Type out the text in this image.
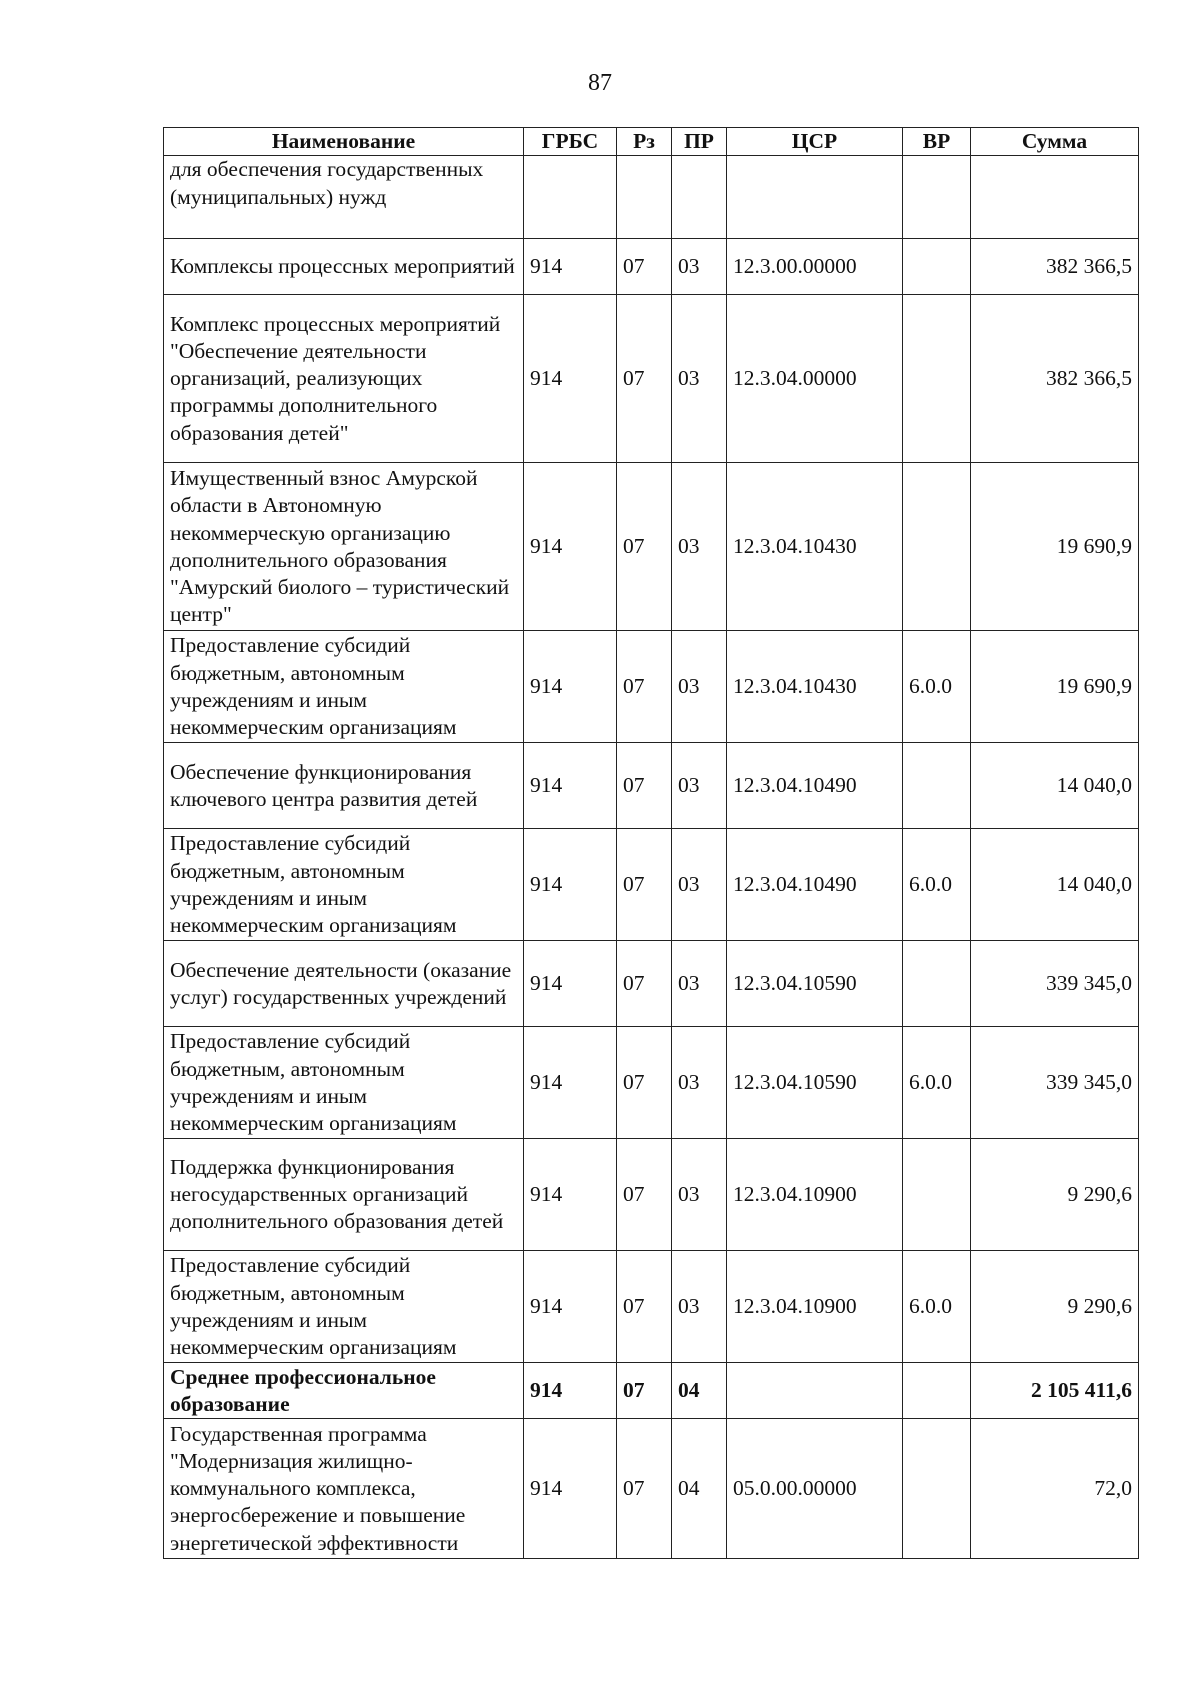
87
Наименование	ГРБС	Рз	ПР	ЦСР	ВР	Сумма
для обеспечения государственных (муниципальных) нужд						
Комплексы процессных мероприятий	914	07	03	12.3.00.00000		382 366,5
Комплекс процессных мероприятий "Обеспечение деятельности организаций, реализующих программы дополнительного образования детей"	914	07	03	12.3.04.00000		382 366,5
Имущественный взнос Амурской области в Автономную некоммерческую организацию дополнительного образования "Амурский биолого – туристический центр"	914	07	03	12.3.04.10430		19 690,9
Предоставление субсидий бюджетным, автономным учреждениям и иным некоммерческим организациям	914	07	03	12.3.04.10430	6.0.0	19 690,9
Обеспечение функционирования ключевого центра развития детей	914	07	03	12.3.04.10490		14 040,0
Предоставление субсидий бюджетным, автономным учреждениям и иным некоммерческим организациям	914	07	03	12.3.04.10490	6.0.0	14 040,0
Обеспечение деятельности (оказание услуг) государственных учреждений	914	07	03	12.3.04.10590		339 345,0
Предоставление субсидий бюджетным, автономным учреждениям и иным некоммерческим организациям	914	07	03	12.3.04.10590	6.0.0	339 345,0
Поддержка функционирования негосударственных организаций дополнительного образования детей	914	07	03	12.3.04.10900		9 290,6
Предоставление субсидий бюджетным, автономным учреждениям и иным некоммерческим организациям	914	07	03	12.3.04.10900	6.0.0	9 290,6
Среднее профессиональное образование	914	07	04			2 105 411,6
Государственная программа "Модернизация жилищно-коммунального комплекса, энергосбережение и повышение энергетической эффективности	914	07	04	05.0.00.00000		72,0
